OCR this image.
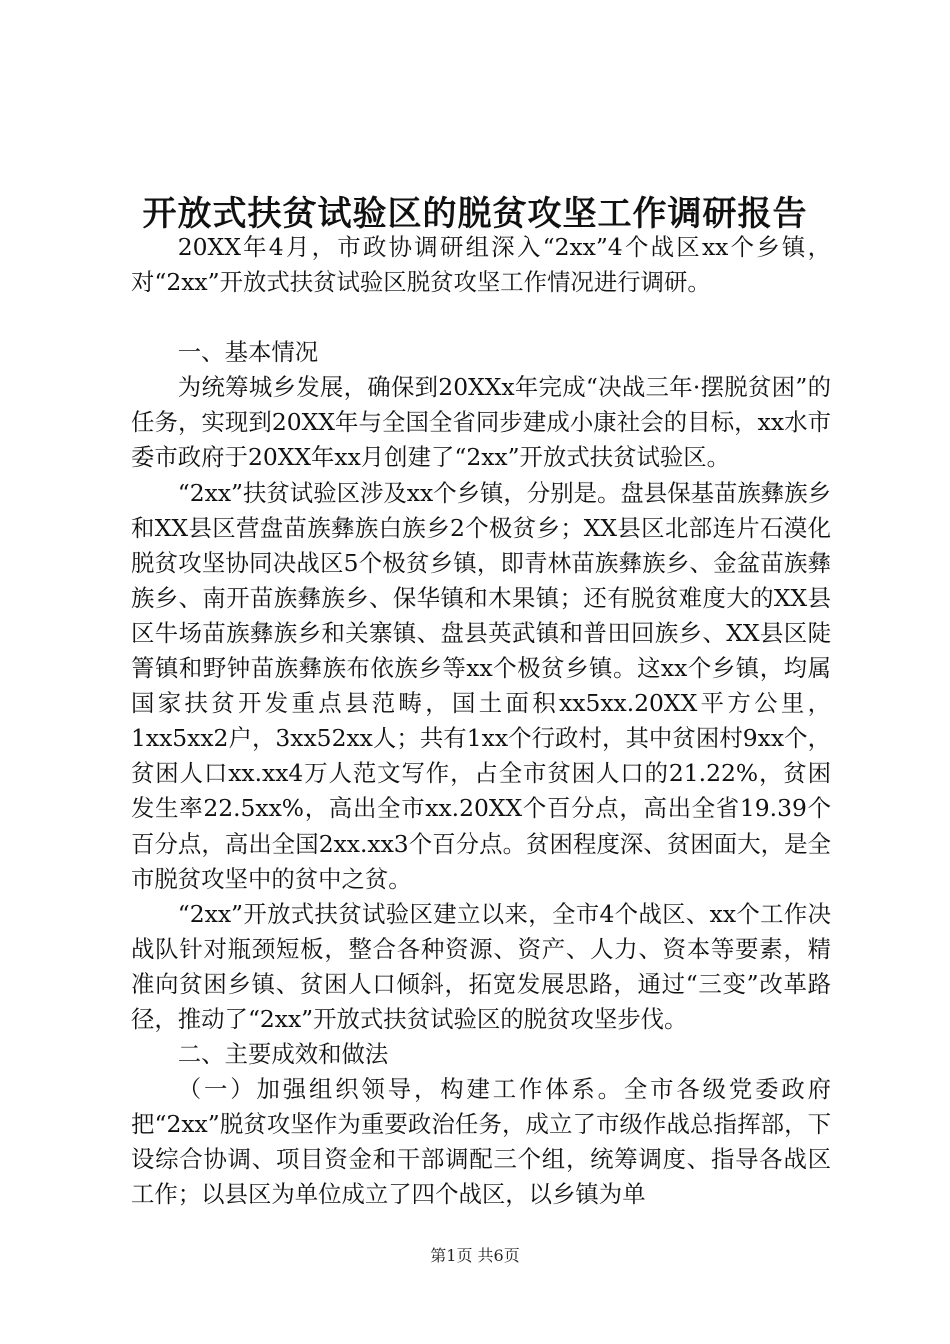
开放式扶贫试验区的脱贫攻坚工作调研报告

20XX年4月，市政协调研组深入“2xx”4个战区xx个乡镇，对“2xx”开放式扶贫试验区脱贫攻坚工作情况进行调研。

一、基本情况

为统筹城乡发展，确保到20XXx年完成“决战三年·摆脱贫困”的任务，实现到20XX年与全国全省同步建成小康社会的目标，xx水市委市政府于20XX年xx月创建了“2xx”开放式扶贫试验区。

“2xx”扶贫试验区涉及xx个乡镇，分别是。盘县保基苗族彝族乡和XX县区营盘苗族彝族白族乡2个极贫乡；XX县区北部连片石漠化脱贫攻坚协同决战区5个极贫乡镇，即青林苗族彝族乡、金盆苗族彝族乡、南开苗族彝族乡、保华镇和木果镇；还有脱贫难度大的XX县区牛场苗族彝族乡和关寨镇、盘县英武镇和普田回族乡、XX县区陡箐镇和野钟苗族彝族布依族乡等xx个极贫乡镇。这xx个乡镇，均属国家扶贫开发重点县范畴，国土面积xx5xx.20XX平方公里，1xx5xx2户，3xx52xx人；共有1xx个行政村，其中贫困村9xx个，贫困人口xx.xx4万人范文写作，占全市贫困人口的21.22%，贫困发生率22.5xx%，高出全市xx.20XX个百分点，高出全省19.39个百分点，高出全国2xx.xx3个百分点。贫困程度深、贫困面大，是全市脱贫攻坚中的贫中之贫。

“2xx”开放式扶贫试验区建立以来，全市4个战区、xx个工作决战队针对瓶颈短板，整合各种资源、资产、人力、资本等要素，精准向贫困乡镇、贫困人口倾斜，拓宽发展思路，通过“三变”改革路径，推动了“2xx”开放式扶贫试验区的脱贫攻坚步伐。

二、主要成效和做法

（一）加强组织领导，构建工作体系。全市各级党委政府把“2xx”脱贫攻坚作为重要政治任务，成立了市级作战总指挥部，下设综合协调、项目资金和干部调配三个组，统筹调度、指导各战区工作；以县区为单位成立了四个战区，以乡镇为单

第1页 共6页
